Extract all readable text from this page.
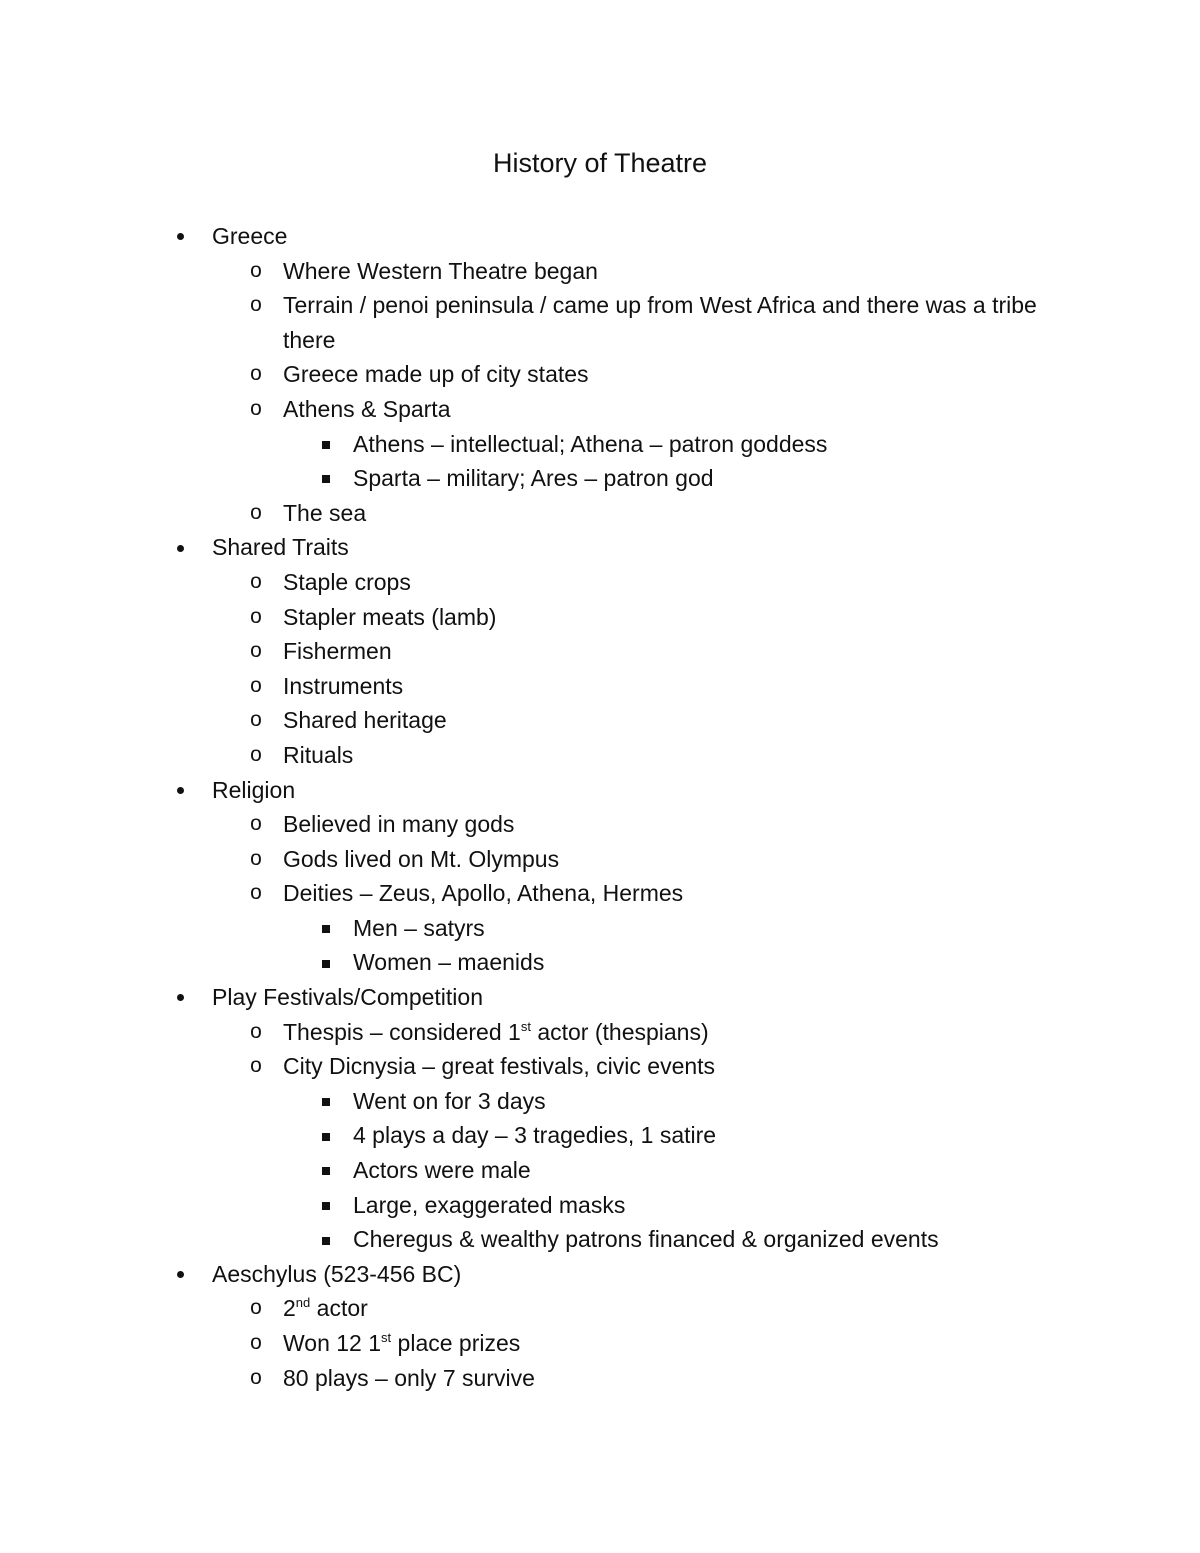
History of Theatre
Greece
o Where Western Theatre began
o Terrain / penoi peninsula / came up from West Africa and there was a tribe there
o Greece made up of city states
o Athens & Sparta
Athens – intellectual; Athena – patron goddess
Sparta – military; Ares – patron god
o The sea
Shared Traits
o Staple crops
o Stapler meats (lamb)
o Fishermen
o Instruments
o Shared heritage
o Rituals
Religion
o Believed in many gods
o Gods lived on Mt. Olympus
o Deities – Zeus, Apollo, Athena, Hermes
Men – satyrs
Women – maenids
Play Festivals/Competition
o Thespis – considered 1st actor (thespians)
o City Dicnysia – great festivals, civic events
Went on for 3 days
4 plays a day – 3 tragedies, 1 satire
Actors were male
Large, exaggerated masks
Cheregus & wealthy patrons financed & organized events
Aeschylus (523-456 BC)
o 2nd actor
o Won 12 1st place prizes
o 80 plays – only 7 survive
